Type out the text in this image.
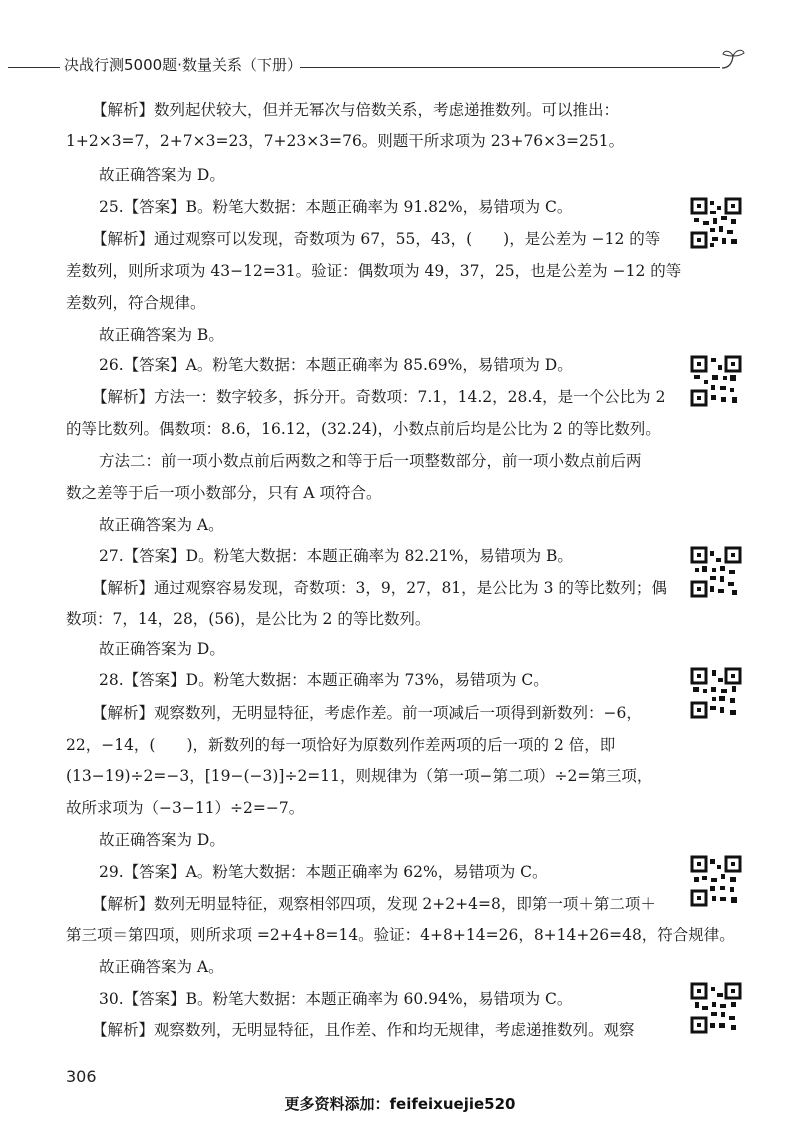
决战行测5000题·数量关系（下册）
【解析】数列起伏较大，但并无幂次与倍数关系，考虑递推数列。可以推出：
1+2×3=7，2+7×3=23，7+23×3=76。则题干所求项为 23+76×3=251。
故正确答案为 D。
25.【答案】B。粉笔大数据：本题正确率为 91.82%，易错项为 C。
【解析】通过观察可以发现，奇数项为 67，55，43，(　　)，是公差为 −12 的等
差数列，则所求项为 43−12=31。验证：偶数项为 49，37，25，也是公差为 −12 的等
差数列，符合规律。
故正确答案为 B。
26.【答案】A。粉笔大数据：本题正确率为 85.69%，易错项为 D。
【解析】方法一：数字较多，拆分开。奇数项：7.1，14.2，28.4，是一个公比为 2
的等比数列。偶数项：8.6，16.12，(32.24)，小数点前后均是公比为 2 的等比数列。
方法二：前一项小数点前后两数之和等于后一项整数部分，前一项小数点前后两
数之差等于后一项小数部分，只有 A 项符合。
故正确答案为 A。
27.【答案】D。粉笔大数据：本题正确率为 82.21%，易错项为 B。
【解析】通过观察容易发现，奇数项：3，9，27，81，是公比为 3 的等比数列；偶
数项：7，14，28，(56)，是公比为 2 的等比数列。
故正确答案为 D。
28.【答案】D。粉笔大数据：本题正确率为 73%，易错项为 C。
【解析】观察数列，无明显特征，考虑作差。前一项减后一项得到新数列：−6，
22，−14，(　　)，新数列的每一项恰好为原数列作差两项的后一项的 2 倍，即
(13−19)÷2=−3，[19−(−3)]÷2=11，则规律为（第一项−第二项）÷2=第三项，
故所求项为（−3−11）÷2=−7。
故正确答案为 D。
29.【答案】A。粉笔大数据：本题正确率为 62%，易错项为 C。
【解析】数列无明显特征，观察相邻四项，发现 2+2+4=8，即第一项＋第二项＋
第三项＝第四项，则所求项 =2+4+8=14。验证：4+8+14=26，8+14+26=48，符合规律。
故正确答案为 A。
30.【答案】B。粉笔大数据：本题正确率为 60.94%，易错项为 C。
【解析】观察数列，无明显特征，且作差、作和均无规律，考虑递推数列。观察
306
更多资料添加：feifeixuejie520
